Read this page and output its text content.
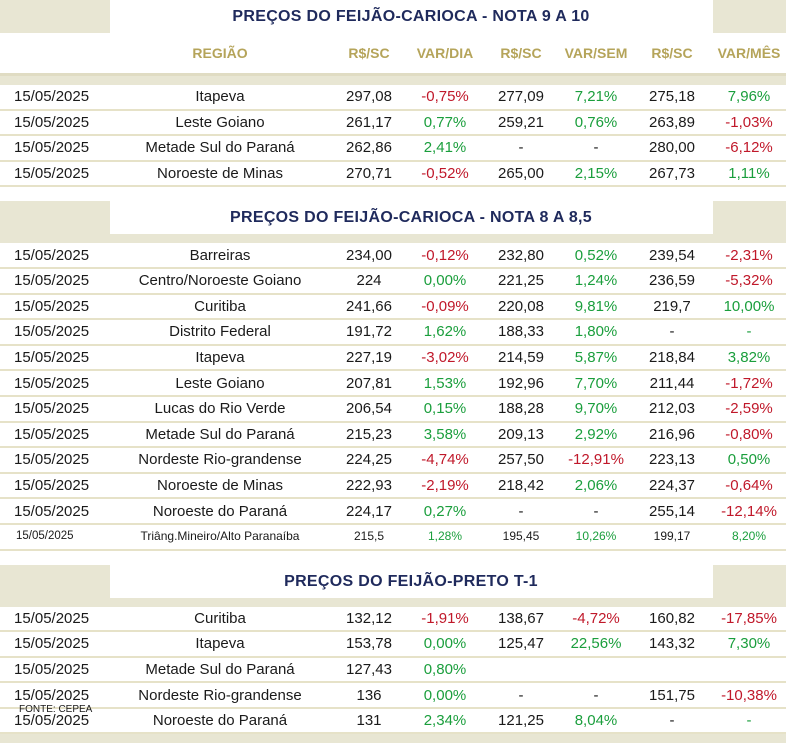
	PREÇOS DO FEIJÃO-CARIOCA - NOTA 9 A 10						
	REGIÃO	R$/SC	VAR/DIA	R$/SC	VAR/SEM	R$/SC	VAR/MÊS

15/05/2025	Itapeva	297,08	-0,75%	277,09	7,21%	275,18	7,96%
15/05/2025	Leste Goiano	261,17	0,77%	259,21	0,76%	263,89	-1,03%
15/05/2025	Metade Sul do Paraná	262,86	2,41%	-	-	280,00	-6,12%
15/05/2025	Noroeste de Minas	270,71	-0,52%	265,00	2,15%	267,73	1,11%

	PREÇOS DO FEIJÃO-CARIOCA - NOTA 8 A 8,5						

15/05/2025	Barreiras	234,00	-0,12%	232,80	0,52%	239,54	-2,31%
15/05/2025	Centro/Noroeste Goiano	224	0,00%	221,25	1,24%	236,59	-5,32%
15/05/2025	Curitiba	241,66	-0,09%	220,08	9,81%	219,7	10,00%
15/05/2025	Distrito Federal	191,72	1,62%	188,33	1,80%	-	-
15/05/2025	Itapeva	227,19	-3,02%	214,59	5,87%	218,84	3,82%
15/05/2025	Leste Goiano	207,81	1,53%	192,96	7,70%	211,44	-1,72%
15/05/2025	Lucas do Rio Verde	206,54	0,15%	188,28	9,70%	212,03	-2,59%
15/05/2025	Metade Sul do Paraná	215,23	3,58%	209,13	2,92%	216,96	-0,80%
15/05/2025	Nordeste Rio-grandense	224,25	-4,74%	257,50	-12,91%	223,13	0,50%
15/05/2025	Noroeste de Minas	222,93	-2,19%	218,42	2,06%	224,37	-0,64%
15/05/2025	Noroeste do Paraná	224,17	0,27%	-	-	255,14	-12,14%
15/05/2025	Triâng.Mineiro/Alto Paranaíba	215,5	1,28%	195,45	10,26%	199,17	8,20%

	PREÇOS DO FEIJÃO-PRETO T-1						

15/05/2025	Curitiba	132,12	-1,91%	138,67	-4,72%	160,82	-17,85%
15/05/2025	Itapeva	153,78	0,00%	125,47	22,56%	143,32	7,30%
15/05/2025	Metade Sul do Paraná	127,43	0,80%				
15/05/2025	Nordeste Rio-grandense	136	0,00%	-	-	151,75	-10,38%
15/05/2025	Noroeste do Paraná	131	2,34%	121,25	8,04%	-	-

FONTE: CEPEA
